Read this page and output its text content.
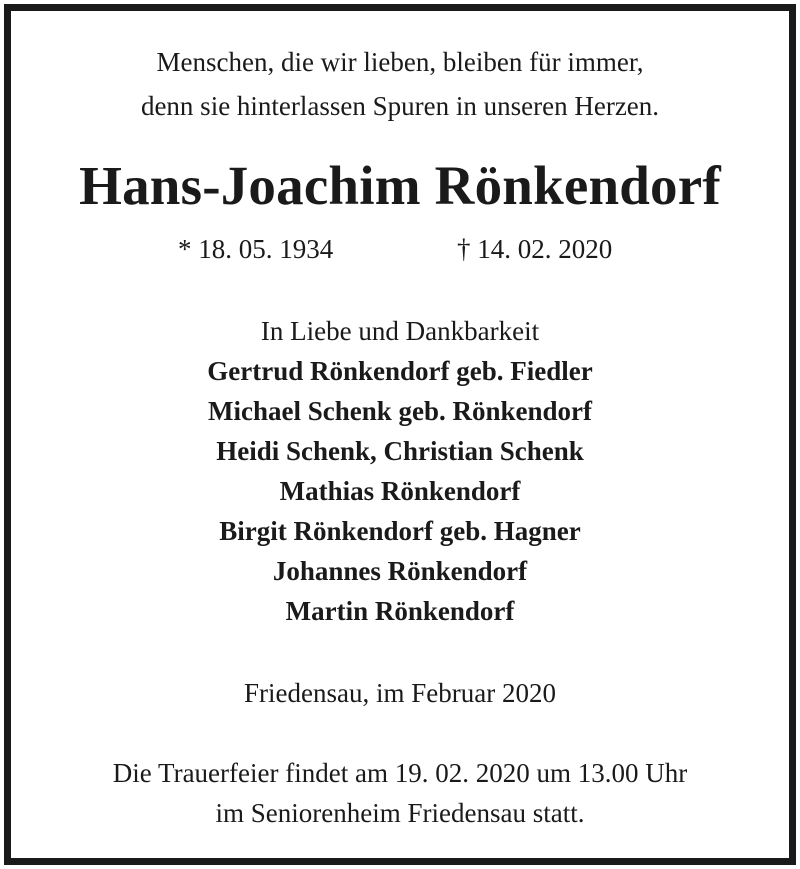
Menschen, die wir lieben, bleiben für immer,
denn sie hinterlassen Spuren in unseren Herzen.
Hans-Joachim Rönkendorf
* 18. 05. 1934	† 14. 02. 2020
In Liebe und Dankbarkeit
Gertrud Rönkendorf geb. Fiedler
Michael Schenk geb. Rönkendorf
Heidi Schenk, Christian Schenk
Mathias Rönkendorf
Birgit Rönkendorf geb. Hagner
Johannes Rönkendorf
Martin Rönkendorf
Friedensau, im Februar 2020
Die Trauerfeier findet am 19. 02. 2020 um 13.00 Uhr
im Seniorenheim Friedensau statt.
